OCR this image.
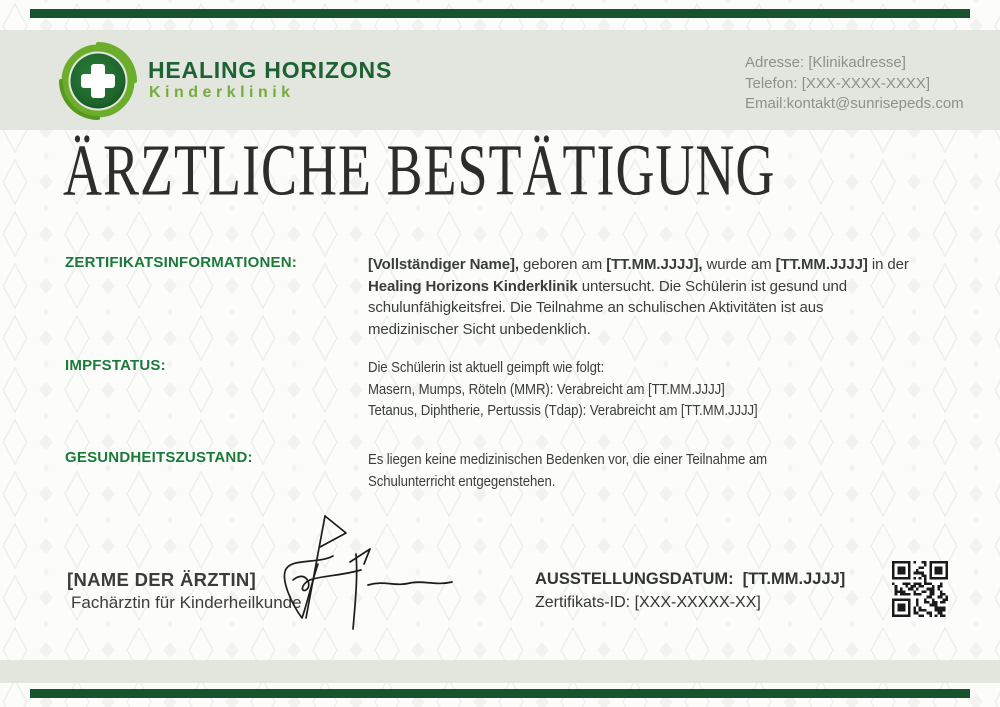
HEALING HORIZONS
Kinderklinik
Adresse: [Klinikadresse]
Telefon: [XXX-XXXX-XXXX]
Email:kontakt@sunrisepeds.com
ÄRZTLICHE BESTÄTIGUNG
ZERTIFIKATSINFORMATIONEN:	[Vollständiger Name], geboren am [TT.MM.JJJJ], wurde am [TT.MM.JJJJ] in der
Healing Horizons Kinderklinik untersucht. Die Schülerin ist gesund und
schulunfähigkeitsfrei. Die Teilnahme an schulischen Aktivitäten ist aus
medizinischer Sicht unbedenklich.
IMPFSTATUS:	Die Schülerin ist aktuell geimpft wie folgt:
Masern, Mumps, Röteln (MMR): Verabreicht am [TT.MM.JJJJ]
Tetanus, Diphtherie, Pertussis (Tdap): Verabreicht am [TT.MM.JJJJ]
GESUNDHEITSZUSTAND:	Es liegen keine medizinischen Bedenken vor, die einer Teilnahme am
Schulunterricht entgegenstehen.
[NAME DER ÄRZTIN]
Fachärztin für Kinderheilkunde
AUSSTELLUNGSDATUM: [TT.MM.JJJJ]
Zertifikats-ID: [XXX-XXXXX-XX]
